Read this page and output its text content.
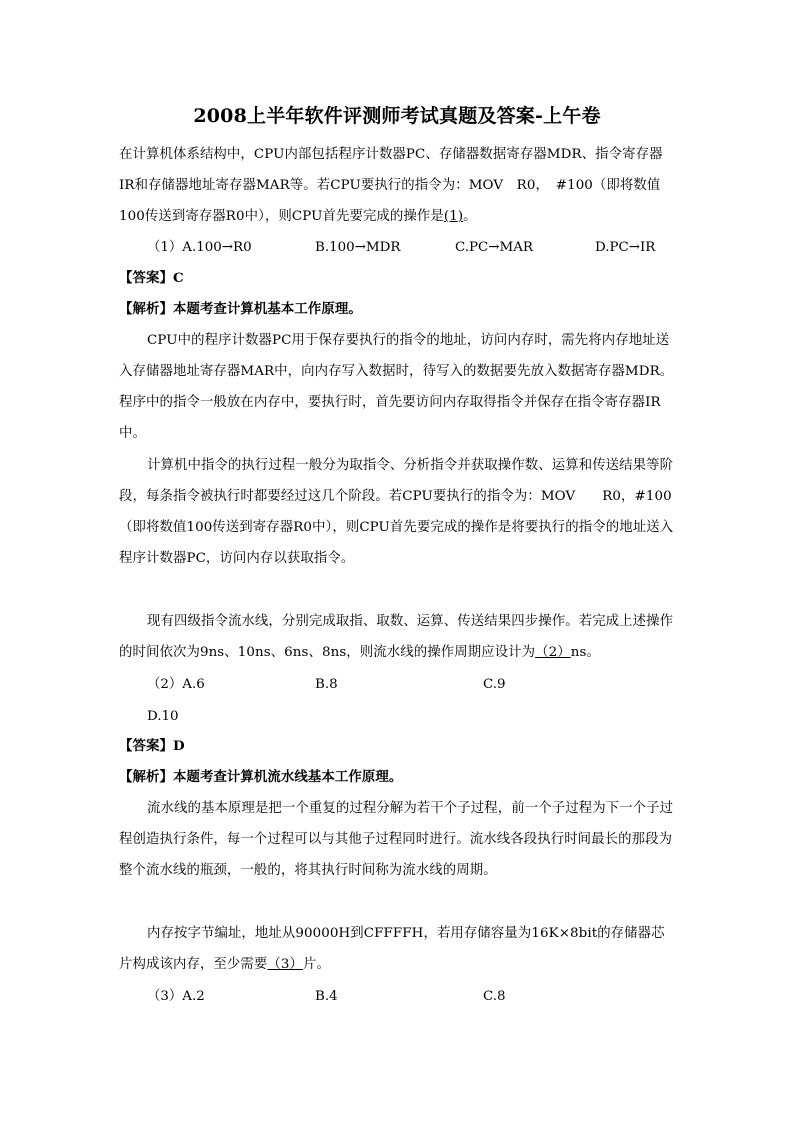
2008上半年软件评测师考试真题及答案-上午卷
在计算机体系结构中，CPU内部包括程序计数器PC、存储器数据寄存器MDR、指令寄存器IR和存储器地址寄存器MAR等。若CPU要执行的指令为：MOV　R0，　#100（即将数值100传送到寄存器R0中），则CPU首先要完成的操作是(1)。
（1）A.100→R0	B.100→MDR	C.PC→MAR	D.PC→IR
【答案】C
【解析】本题考查计算机基本工作原理。
CPU中的程序计数器PC用于保存要执行的指令的地址，访问内存时，需先将内存地址送入存储器地址寄存器MAR中，向内存写入数据时，待写入的数据要先放入数据寄存器MDR。程序中的指令一般放在内存中，要执行时，首先要访问内存取得指令并保存在指令寄存器IR中。
计算机中指令的执行过程一般分为取指令、分析指令并获取操作数、运算和传送结果等阶段，每条指令被执行时都要经过这几个阶段。若CPU要执行的指令为：MOV　　R0，#100（即将数值100传送到寄存器R0中），则CPU首先要完成的操作是将要执行的指令的地址送入程序计数器PC，访问内存以获取指令。
现有四级指令流水线，分别完成取指、取数、运算、传送结果四步操作。若完成上述操作的时间依次为9ns、10ns、6ns、8ns，则流水线的操作周期应设计为（2）ns。
（2）A.6	B.8	C.9
D.10
【答案】D
【解析】本题考查计算机流水线基本工作原理。
流水线的基本原理是把一个重复的过程分解为若干个子过程，前一个子过程为下一个子过程创造执行条件，每一个过程可以与其他子过程同时进行。流水线各段执行时间最长的那段为整个流水线的瓶颈，一般的，将其执行时间称为流水线的周期。
内存按字节编址，地址从90000H到CFFFFH，若用存储容量为16K×8bit的存储器芯片构成该内存，至少需要（3）片。
（3）A.2	B.4	C.8
